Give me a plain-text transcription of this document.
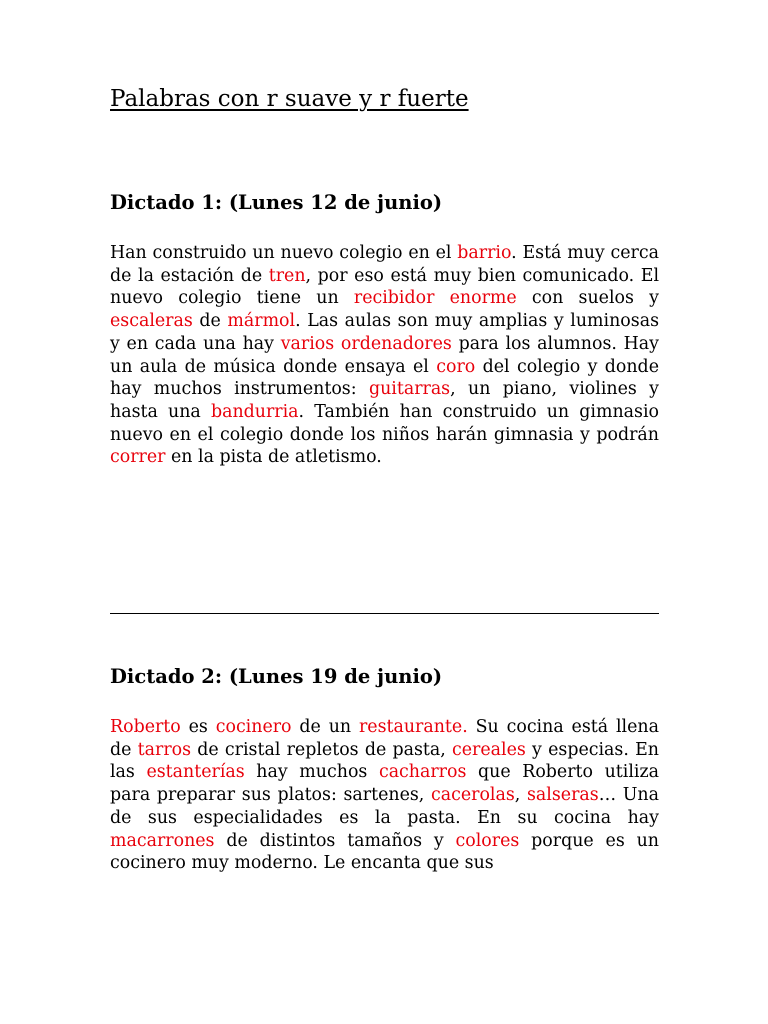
Palabras con r suave y r fuerte
Dictado 1: (Lunes 12 de junio)

Han construido un nuevo colegio en el barrio. Está muy cerca de la estación de tren, por eso está muy bien comunicado. El nuevo colegio tiene un recibidor enorme con suelos y escaleras de mármol. Las aulas son muy amplias y luminosas y en cada una hay varios ordenadores para los alumnos. Hay un aula de música donde ensaya el coro del colegio y donde hay muchos instrumentos: guitarras, un piano, violines y hasta una bandurria. También han construido un gimnasio nuevo en el colegio donde los niños harán gimnasia y podrán correr en la pista de atletismo.

Dictado 2: (Lunes 19 de junio)

Roberto es cocinero de un restaurante. Su cocina está llena de tarros de cristal repletos de pasta, cereales y especias. En las estanterías hay muchos cacharros que Roberto utiliza para preparar sus platos: sartenes, cacerolas, salseras… Una de sus especialidades es la pasta. En su cocina hay macarrones de distintos tamaños y colores porque es un cocinero muy moderno. Le encanta que sus
